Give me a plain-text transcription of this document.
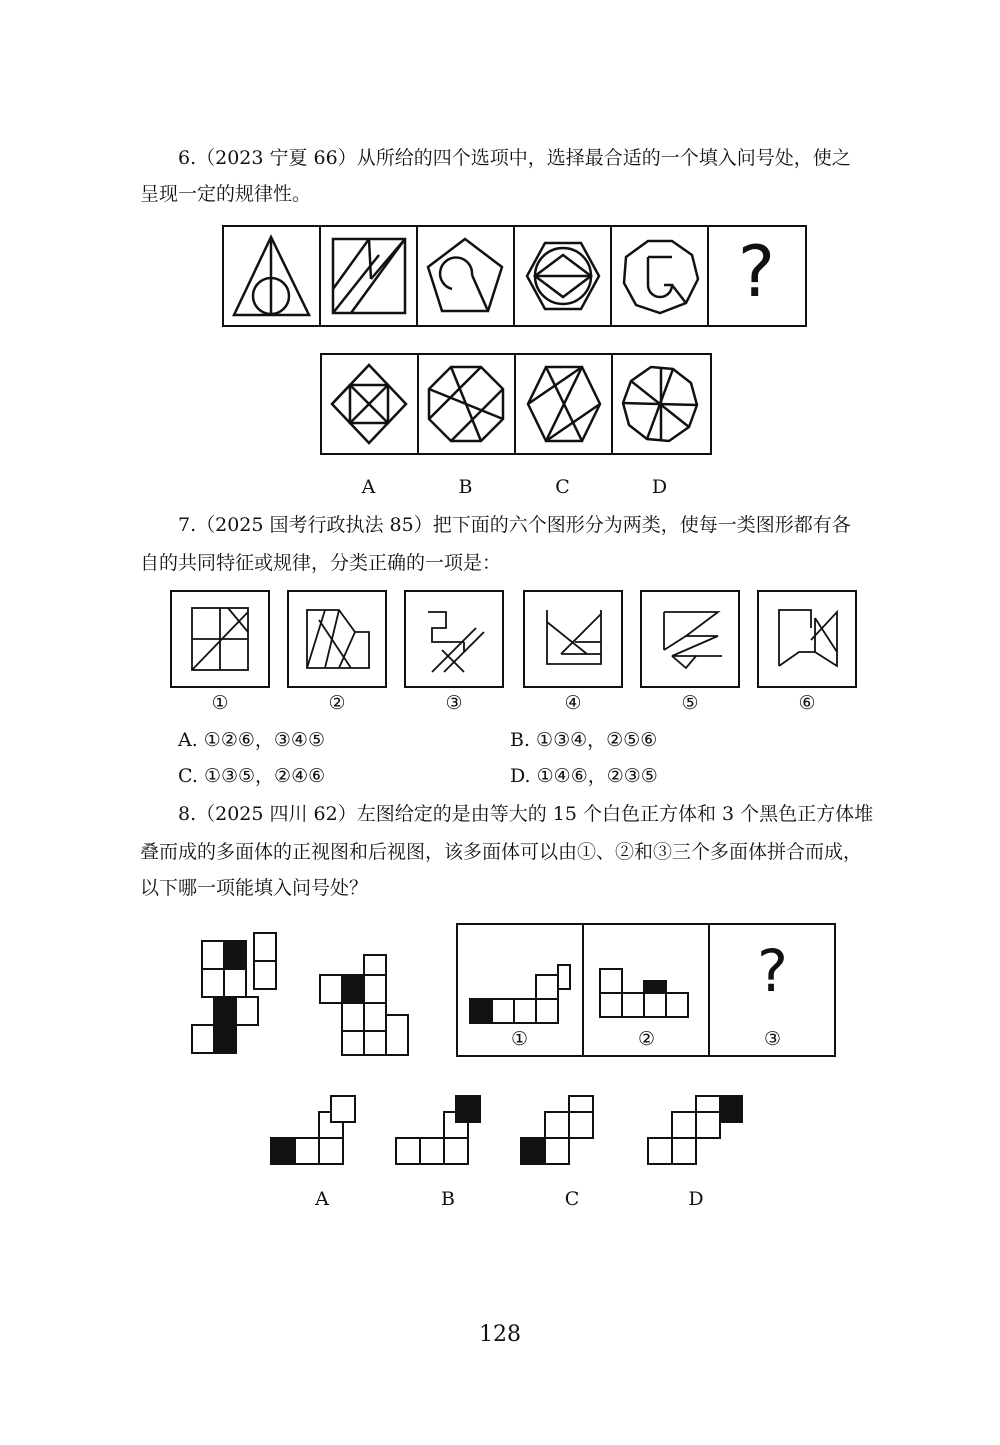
6.（2023 宁夏 66）从所给的四个选项中，选择最合适的一个填入问号处，使之
呈现一定的规律性。
?
A	B	C	D
7.（2025 国考行政执法 85）把下面的六个图形分为两类，使每一类图形都有各
自的共同特征或规律，分类正确的一项是：
①	②	③	④	⑤	⑥
A. ①②⑥，③④⑤	B. ①③④，②⑤⑥
C. ①③⑤，②④⑥	D. ①④⑥，②③⑤
8.（2025 四川 62）左图给定的是由等大的 15 个白色正方体和 3 个黑色正方体堆
叠而成的多面体的正视图和后视图，该多面体可以由①、②和③三个多面体拼合而成，
以下哪一项能填入问号处？
?
①	②	③
A	B	C	D
128
